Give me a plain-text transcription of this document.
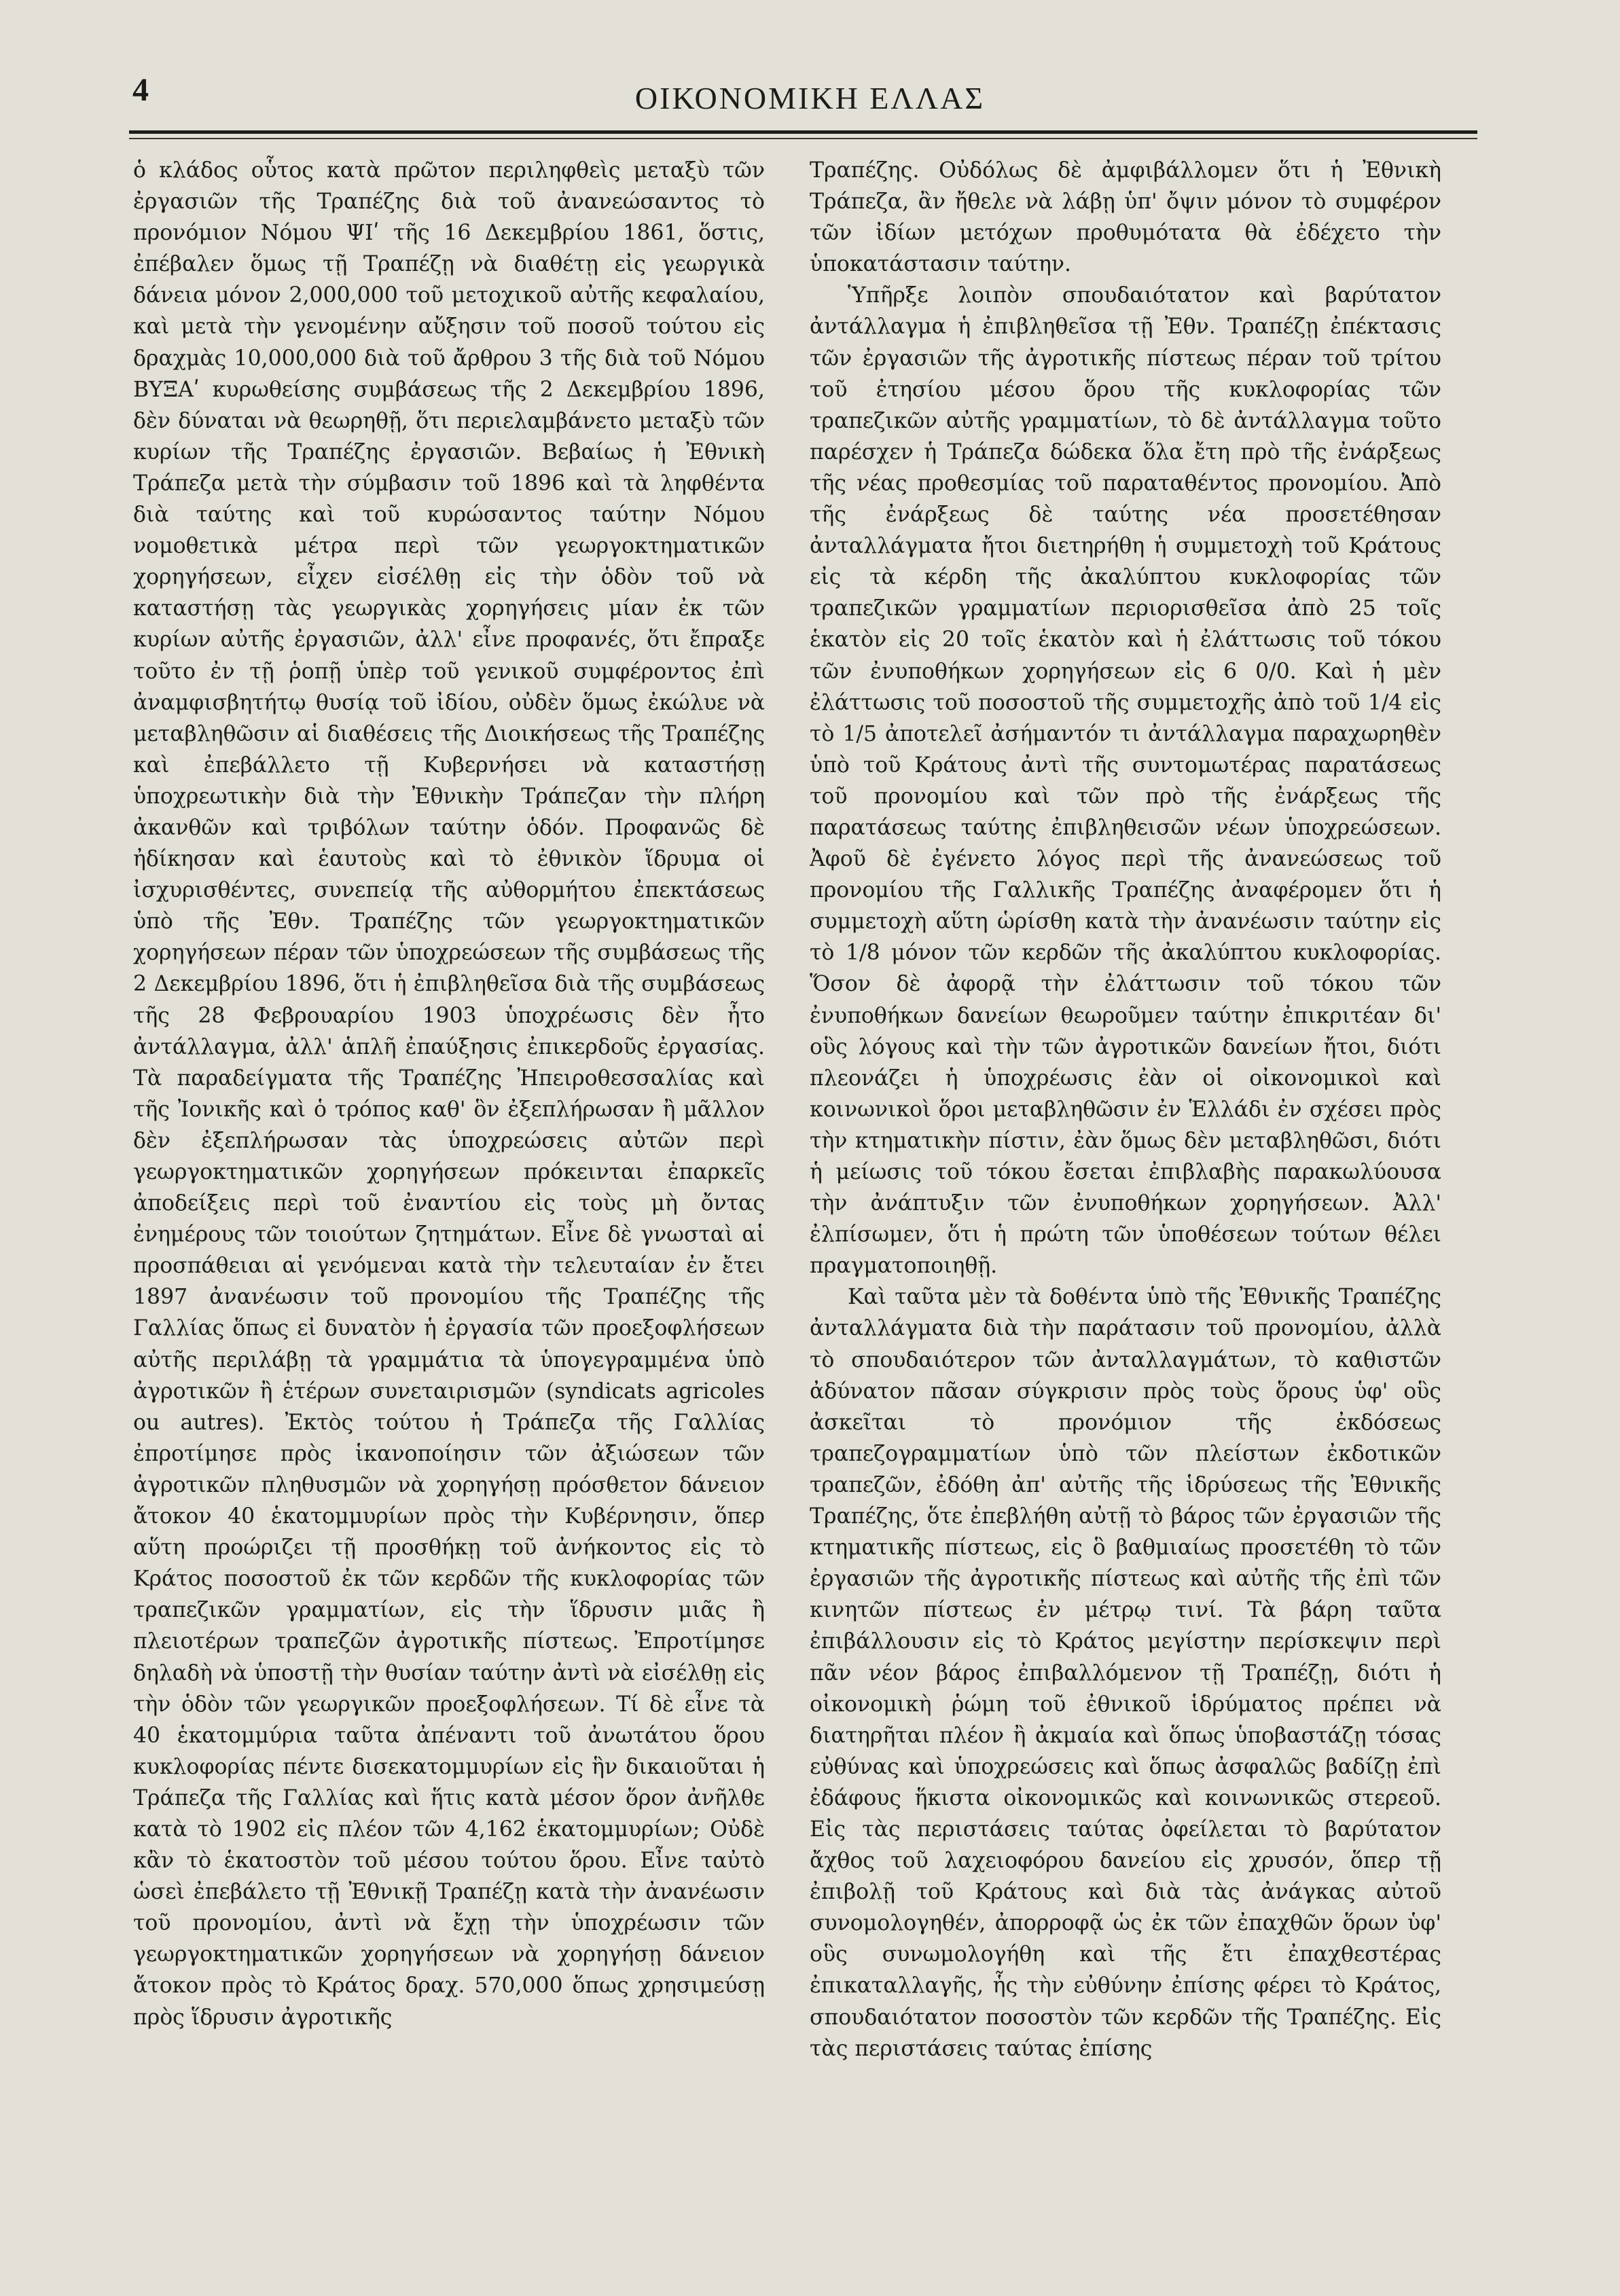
4	ΟΙΚΟΝΟΜΙΚΗ ΕΛΛΑΣ

ὁ κλάδος οὗτος κατὰ πρῶτον περιληφθεὶς μεταξὺ τῶν ἐργασιῶν τῆς Τραπέζης διὰ τοῦ ἀνανεώσαντος τὸ προνόμιον Νόμου ΨΙʹ τῆς 16 Δεκεμβρίου 1861, ὅστις, ἐπέβαλεν ὅμως τῇ Τραπέζῃ νὰ διαθέτῃ εἰς γεωργικὰ δάνεια μόνον 2,000,000 τοῦ μετοχικοῦ αὐτῆς κεφαλαίου, καὶ μετὰ τὴν γενομένην αὔξησιν τοῦ ποσοῦ τούτου εἰς δραχμὰς 10,000,000 διὰ τοῦ ἄρθρου 3 τῆς διὰ τοῦ Νόμου ΒΥΞΑʹ κυρωθείσης συμβάσεως τῆς 2 Δεκεμβρίου 1896, δὲν δύναται νὰ θεωρηθῇ, ὅτι περιελαμβάνετο μεταξὺ τῶν κυρίων τῆς Τραπέζης ἐργασιῶν. Βεβαίως ἡ Ἐθνικὴ Τράπεζα μετὰ τὴν σύμβασιν τοῦ 1896 καὶ τὰ ληφθέντα διὰ ταύτης καὶ τοῦ κυρώσαντος ταύτην Νόμου νομοθετικὰ μέτρα περὶ τῶν γεωργοκτηματικῶν χορηγήσεων, εἶχεν εἰσέλθῃ εἰς τὴν ὁδὸν τοῦ νὰ καταστήσῃ τὰς γεωργικὰς χορηγήσεις μίαν ἐκ τῶν κυρίων αὐτῆς ἐργασιῶν, ἀλλ' εἶνε προφανές, ὅτι ἔπραξε τοῦτο ἐν τῇ ῥοπῇ ὑπὲρ τοῦ γενικοῦ συμφέροντος ἐπὶ ἀναμφισβητήτῳ θυσίᾳ τοῦ ἰδίου, οὐδὲν ὅμως ἐκώλυε νὰ μεταβληθῶσιν αἱ διαθέσεις τῆς Διοικήσεως τῆς Τραπέζης καὶ ἐπεβάλλετο τῇ Κυβερνήσει νὰ καταστήσῃ ὑποχρεωτικὴν διὰ τὴν Ἐθνικὴν Τράπεζαν τὴν πλήρη ἀκανθῶν καὶ τριβόλων ταύτην ὁδόν. Προφανῶς δὲ ἠδίκησαν καὶ ἑαυτοὺς καὶ τὸ ἐθνικὸν ἵδρυμα οἱ ἰσχυρισθέντες, συνεπείᾳ τῆς αὐθορμήτου ἐπεκτάσεως ὑπὸ τῆς Ἐθν. Τραπέζης τῶν γεωργοκτηματικῶν χορηγήσεων πέραν τῶν ὑποχρεώσεων τῆς συμβάσεως τῆς 2 Δεκεμβρίου 1896, ὅτι ἡ ἐπιβληθεῖσα διὰ τῆς συμβάσεως τῆς 28 Φεβρουαρίου 1903 ὑποχρέωσις δὲν ἦτο ἀντάλλαγμα, ἀλλ' ἁπλῆ ἐπαύξησις ἐπικερδοῦς ἐργασίας. Τὰ παραδείγματα τῆς Τραπέζης Ἠπειροθεσσαλίας καὶ τῆς Ἰονικῆς καὶ ὁ τρόπος καθ' ὃν ἐξεπλήρωσαν ἢ μᾶλλον δὲν ἐξεπλήρωσαν τὰς ὑποχρεώσεις αὐτῶν περὶ γεωργοκτηματικῶν χορηγήσεων πρόκεινται ἐπαρκεῖς ἀποδείξεις περὶ τοῦ ἐναντίου εἰς τοὺς μὴ ὄντας ἐνημέρους τῶν τοιούτων ζητημάτων. Εἶνε δὲ γνωσταὶ αἱ προσπάθειαι αἱ γενόμεναι κατὰ τὴν τελευταίαν ἐν ἔτει 1897 ἀνανέωσιν τοῦ προνομίου τῆς Τραπέζης τῆς Γαλλίας ὅπως εἰ δυνατὸν ἡ ἐργασία τῶν προεξοφλήσεων αὐτῆς περιλάβῃ τὰ γραμμάτια τὰ ὑπογεγραμμένα ὑπὸ ἀγροτικῶν ἢ ἑτέρων συνεταιρισμῶν (syndicats agricoles ou autres). Ἐκτὸς τούτου ἡ Τράπεζα τῆς Γαλλίας ἐπροτίμησε πρὸς ἱκανοποίησιν τῶν ἀξιώσεων τῶν ἀγροτικῶν πληθυσμῶν νὰ χορηγήσῃ πρόσθετον δάνειον ἄτοκον 40 ἑκατομμυρίων πρὸς τὴν Κυβέρνησιν, ὅπερ αὕτη προώριζει τῇ προσθήκῃ τοῦ ἀνήκοντος εἰς τὸ Κράτος ποσοστοῦ ἐκ τῶν κερδῶν τῆς κυκλοφορίας τῶν τραπεζικῶν γραμματίων, εἰς τὴν ἵδρυσιν μιᾶς ἢ πλειοτέρων τραπεζῶν ἀγροτικῆς πίστεως. Ἐπροτίμησε δηλαδὴ νὰ ὑποστῇ τὴν θυσίαν ταύτην ἀντὶ νὰ εἰσέλθῃ εἰς τὴν ὁδὸν τῶν γεωργικῶν προεξοφλήσεων. Τί δὲ εἶνε τὰ 40 ἑκατομμύρια ταῦτα ἀπέναντι τοῦ ἀνωτάτου ὅρου κυκλοφορίας πέντε δισεκατομμυρίων εἰς ἣν δικαιοῦται ἡ Τράπεζα τῆς Γαλλίας καὶ ἥτις κατὰ μέσον ὅρον ἀνῆλθε κατὰ τὸ 1902 εἰς πλέον τῶν 4,162 ἑκατομμυρίων; Οὐδὲ κἂν τὸ ἑκατοστὸν τοῦ μέσου τούτου ὅρου. Εἶνε ταὐτὸ ὡσεὶ ἐπεβάλετο τῇ Ἐθνικῇ Τραπέζῃ κατὰ τὴν ἀνανέωσιν τοῦ προνομίου, ἀντὶ νὰ ἔχῃ τὴν ὑποχρέωσιν τῶν γεωργοκτηματικῶν χορηγήσεων νὰ χορηγήσῃ δάνειον ἄτοκον πρὸς τὸ Κράτος δραχ. 570,000 ὅπως χρησιμεύσῃ πρὸς ἵδρυσιν ἀγροτικῆς

Τραπέζης. Οὐδόλως δὲ ἀμφιβάλλομεν ὅτι ἡ Ἐθνικὴ Τράπεζα, ἂν ἤθελε νὰ λάβῃ ὑπ' ὄψιν μόνον τὸ συμφέρον τῶν ἰδίων μετόχων προθυμότατα θὰ ἐδέχετο τὴν ὑποκατάστασιν ταύτην.

Ὑπῆρξε λοιπὸν σπουδαιότατον καὶ βαρύτατον ἀντάλλαγμα ἡ ἐπιβληθεῖσα τῇ Ἐθν. Τραπέζῃ ἐπέκτασις τῶν ἐργασιῶν τῆς ἀγροτικῆς πίστεως πέραν τοῦ τρίτου τοῦ ἐτησίου μέσου ὅρου τῆς κυκλοφορίας τῶν τραπεζικῶν αὐτῆς γραμματίων, τὸ δὲ ἀντάλλαγμα τοῦτο παρέσχεν ἡ Τράπεζα δώδεκα ὅλα ἔτη πρὸ τῆς ἐνάρξεως τῆς νέας προθεσμίας τοῦ παραταθέντος προνομίου. Ἀπὸ τῆς ἐνάρξεως δὲ ταύτης νέα προσετέθησαν ἀνταλλάγματα ἤτοι διετηρήθη ἡ συμμετοχὴ τοῦ Κράτους εἰς τὰ κέρδη τῆς ἀκαλύπτου κυκλοφορίας τῶν τραπεζικῶν γραμματίων περιορισθεῖσα ἀπὸ 25 τοῖς ἑκατὸν εἰς 20 τοῖς ἑκατὸν καὶ ἡ ἐλάττωσις τοῦ τόκου τῶν ἐνυποθήκων χορηγήσεων εἰς 6 0/0. Καὶ ἡ μὲν ἐλάττωσις τοῦ ποσοστοῦ τῆς συμμετοχῆς ἀπὸ τοῦ 1/4 εἰς τὸ 1/5 ἀποτελεῖ ἀσήμαντόν τι ἀντάλλαγμα παραχωρηθὲν ὑπὸ τοῦ Κράτους ἀντὶ τῆς συντομωτέρας παρατάσεως τοῦ προνομίου καὶ τῶν πρὸ τῆς ἐνάρξεως τῆς παρατάσεως ταύτης ἐπιβληθεισῶν νέων ὑποχρεώσεων. Ἀφοῦ δὲ ἐγένετο λόγος περὶ τῆς ἀνανεώσεως τοῦ προνομίου τῆς Γαλλικῆς Τραπέζης ἀναφέρομεν ὅτι ἡ συμμετοχὴ αὕτη ὡρίσθη κατὰ τὴν ἀνανέωσιν ταύτην εἰς τὸ 1/8 μόνον τῶν κερδῶν τῆς ἀκαλύπτου κυκλοφορίας. Ὅσον δὲ ἀφορᾷ τὴν ἐλάττωσιν τοῦ τόκου τῶν ἐνυποθήκων δανείων θεωροῦμεν ταύτην ἐπικριτέαν δι' οὓς λόγους καὶ τὴν τῶν ἀγροτικῶν δανείων ἤτοι, διότι πλεονάζει ἡ ὑποχρέωσις ἐὰν οἱ οἰκονομικοὶ καὶ κοινωνικοὶ ὅροι μεταβληθῶσιν ἐν Ἑλλάδι ἐν σχέσει πρὸς τὴν κτηματικὴν πίστιν, ἐὰν ὅμως δὲν μεταβληθῶσι, διότι ἡ μείωσις τοῦ τόκου ἔσεται ἐπιβλαβὴς παρακωλύουσα τὴν ἀνάπτυξιν τῶν ἐνυποθήκων χορηγήσεων. Ἀλλ' ἐλπίσωμεν, ὅτι ἡ πρώτη τῶν ὑποθέσεων τούτων θέλει πραγματοποιηθῇ.

Καὶ ταῦτα μὲν τὰ δοθέντα ὑπὸ τῆς Ἐθνικῆς Τραπέζης ἀνταλλάγματα διὰ τὴν παράτασιν τοῦ προνομίου, ἀλλὰ τὸ σπουδαιότερον τῶν ἀνταλλαγμάτων, τὸ καθιστῶν ἀδύνατον πᾶσαν σύγκρισιν πρὸς τοὺς ὅρους ὑφ' οὓς ἀσκεῖται τὸ προνόμιον τῆς ἐκδόσεως τραπεζογραμματίων ὑπὸ τῶν πλείστων ἐκδοτικῶν τραπεζῶν, ἐδόθη ἀπ' αὐτῆς τῆς ἱδρύσεως τῆς Ἐθνικῆς Τραπέζης, ὅτε ἐπεβλήθη αὐτῇ τὸ βάρος τῶν ἐργασιῶν τῆς κτηματικῆς πίστεως, εἰς ὃ βαθμιαίως προσετέθη τὸ τῶν ἐργασιῶν τῆς ἀγροτικῆς πίστεως καὶ αὐτῆς τῆς ἐπὶ τῶν κινητῶν πίστεως ἐν μέτρῳ τινί. Τὰ βάρη ταῦτα ἐπιβάλλουσιν εἰς τὸ Κράτος μεγίστην περίσκεψιν περὶ πᾶν νέον βάρος ἐπιβαλλόμενον τῇ Τραπέζῃ, διότι ἡ οἰκονομικὴ ῥώμη τοῦ ἐθνικοῦ ἱδρύματος πρέπει νὰ διατηρῆται πλέον ἢ ἀκμαία καὶ ὅπως ὑποβαστάζῃ τόσας εὐθύνας καὶ ὑποχρεώσεις καὶ ὅπως ἀσφαλῶς βαδίζῃ ἐπὶ ἐδάφους ἥκιστα οἰκονομικῶς καὶ κοινωνικῶς στερεοῦ. Εἰς τὰς περιστάσεις ταύτας ὀφείλεται τὸ βαρύτατον ἄχθος τοῦ λαχειοφόρου δανείου εἰς χρυσόν, ὅπερ τῇ ἐπιβολῇ τοῦ Κράτους καὶ διὰ τὰς ἀνάγκας αὐτοῦ συνομολογηθέν, ἀπορροφᾷ ὡς ἐκ τῶν ἐπαχθῶν ὅρων ὑφ' οὓς συνωμολογήθη καὶ τῆς ἔτι ἐπαχθεστέρας ἐπικαταλλαγῆς, ἧς τὴν εὐθύνην ἐπίσης φέρει τὸ Κράτος, σπουδαιότατον ποσοστὸν τῶν κερδῶν τῆς Τραπέζης. Εἰς τὰς περιστάσεις ταύτας ἐπίσης
